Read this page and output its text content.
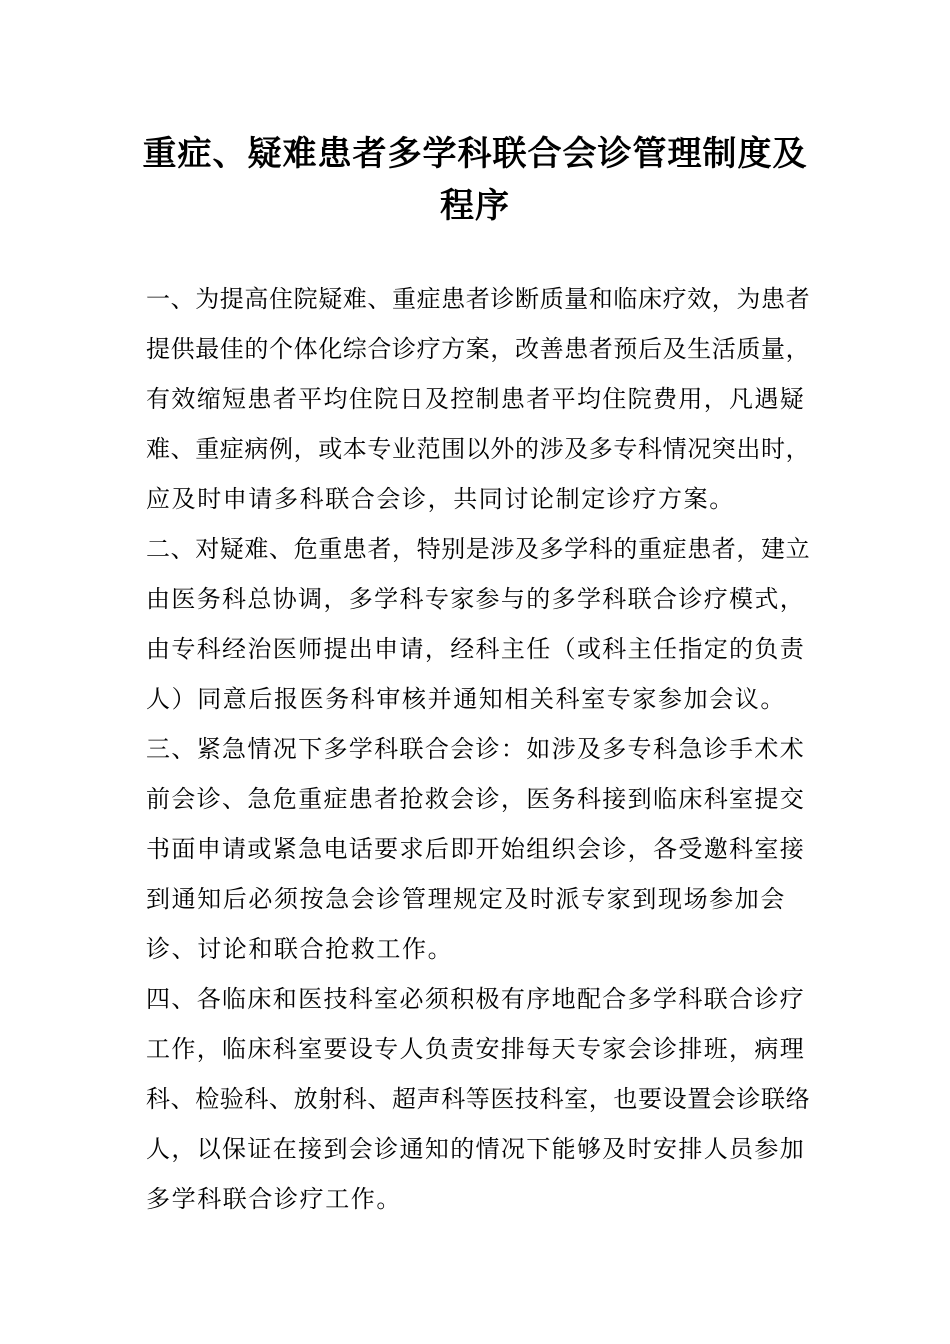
重症、疑难患者多学科联合会诊管理制度及
程序

一、为提高住院疑难、重症患者诊断质量和临床疗效，为患者
提供最佳的个体化综合诊疗方案，改善患者预后及生活质量，
有效缩短患者平均住院日及控制患者平均住院费用，凡遇疑
难、重症病例，或本专业范围以外的涉及多专科情况突出时，
应及时申请多科联合会诊，共同讨论制定诊疗方案。

二、对疑难、危重患者，特别是涉及多学科的重症患者，建立
由医务科总协调，多学科专家参与的多学科联合诊疗模式，
由专科经治医师提出申请，经科主任（或科主任指定的负责
人）同意后报医务科审核并通知相关科室专家参加会议。

三、紧急情况下多学科联合会诊：如涉及多专科急诊手术术
前会诊、急危重症患者抢救会诊，医务科接到临床科室提交
书面申请或紧急电话要求后即开始组织会诊，各受邀科室接
到通知后必须按急会诊管理规定及时派专家到现场参加会
诊、讨论和联合抢救工作。

四、各临床和医技科室必须积极有序地配合多学科联合诊疗
工作，临床科室要设专人负责安排每天专家会诊排班，病理
科、检验科、放射科、超声科等医技科室，也要设置会诊联络
人，以保证在接到会诊通知的情况下能够及时安排人员参加
多学科联合诊疗工作。
